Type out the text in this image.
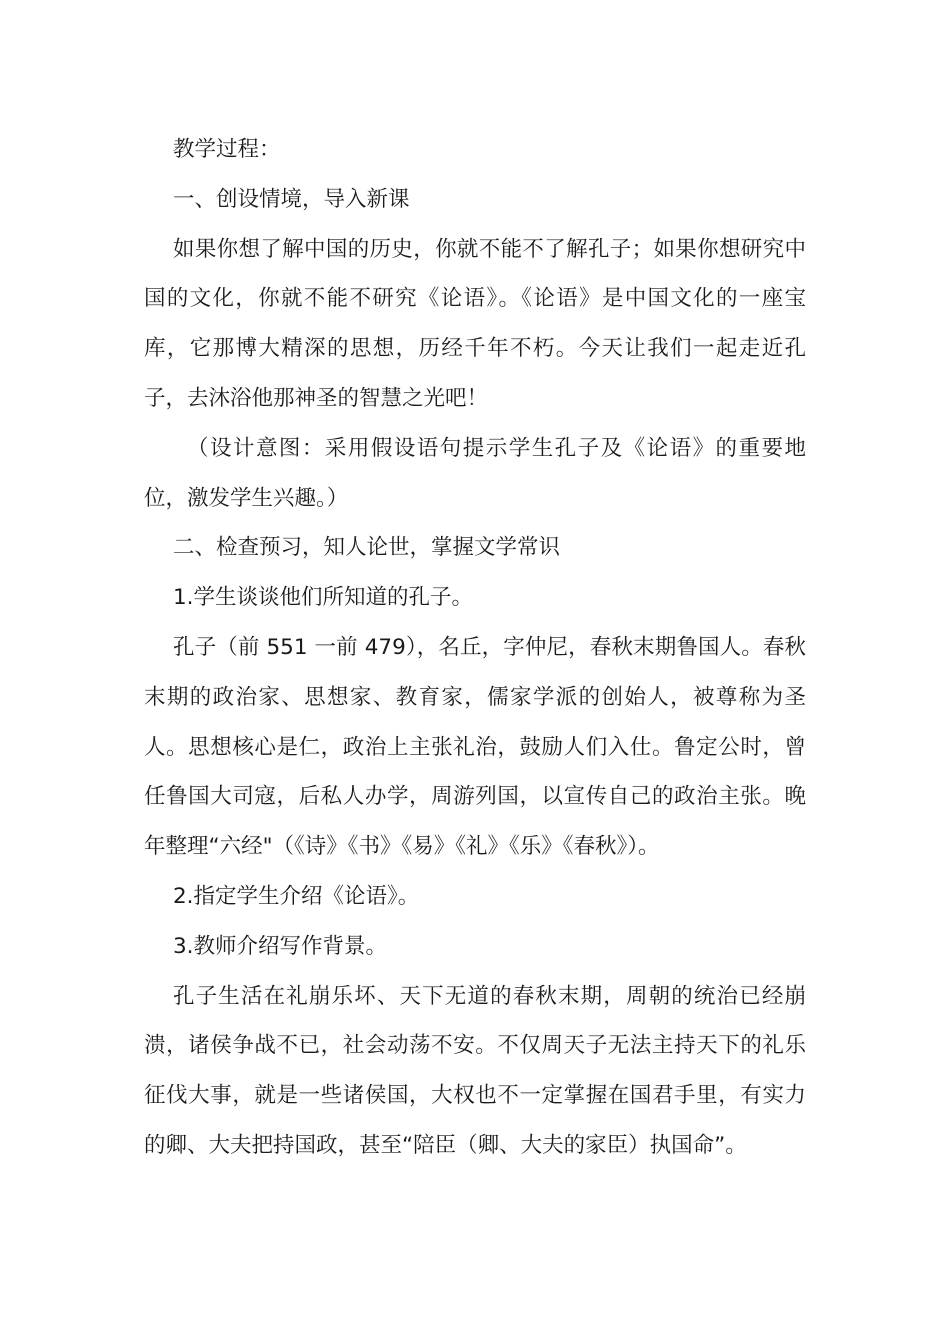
教学过程：

一、创设情境，导入新课

如果你想了解中国的历史，你就不能不了解孔子；如果你想研究中国的文化，你就不能不研究《论语》。《论语》是中国文化的一座宝库，它那博大精深的思想，历经千年不朽。今天让我们一起走近孔子，去沐浴他那神圣的智慧之光吧！

（设计意图：采用假设语句提示学生孔子及《论语》的重要地位，激发学生兴趣。）

二、检查预习，知人论世，掌握文学常识

1.学生谈谈他们所知道的孔子。

孔子（前 551 一前 479），名丘，字仲尼，春秋末期鲁国人。春秋末期的政治家、思想家、教育家，儒家学派的创始人，被尊称为圣人。思想核心是仁，政治上主张礼治，鼓励人们入仕。鲁定公时，曾任鲁国大司寇，后私人办学，周游列国，以宣传自己的政治主张。晚年整理“六经"（《诗》《书》《易》《礼》《乐》《春秋》）。

2.指定学生介绍《论语》。

3.教师介绍写作背景。

孔子生活在礼崩乐坏、天下无道的春秋末期，周朝的统治已经崩溃，诸侯争战不已，社会动荡不安。不仅周天子无法主持天下的礼乐征伐大事，就是一些诸侯国，大权也不一定掌握在国君手里，有实力的卿、大夫把持国政，甚至“陪臣（卿、大夫的家臣）执国命”。
